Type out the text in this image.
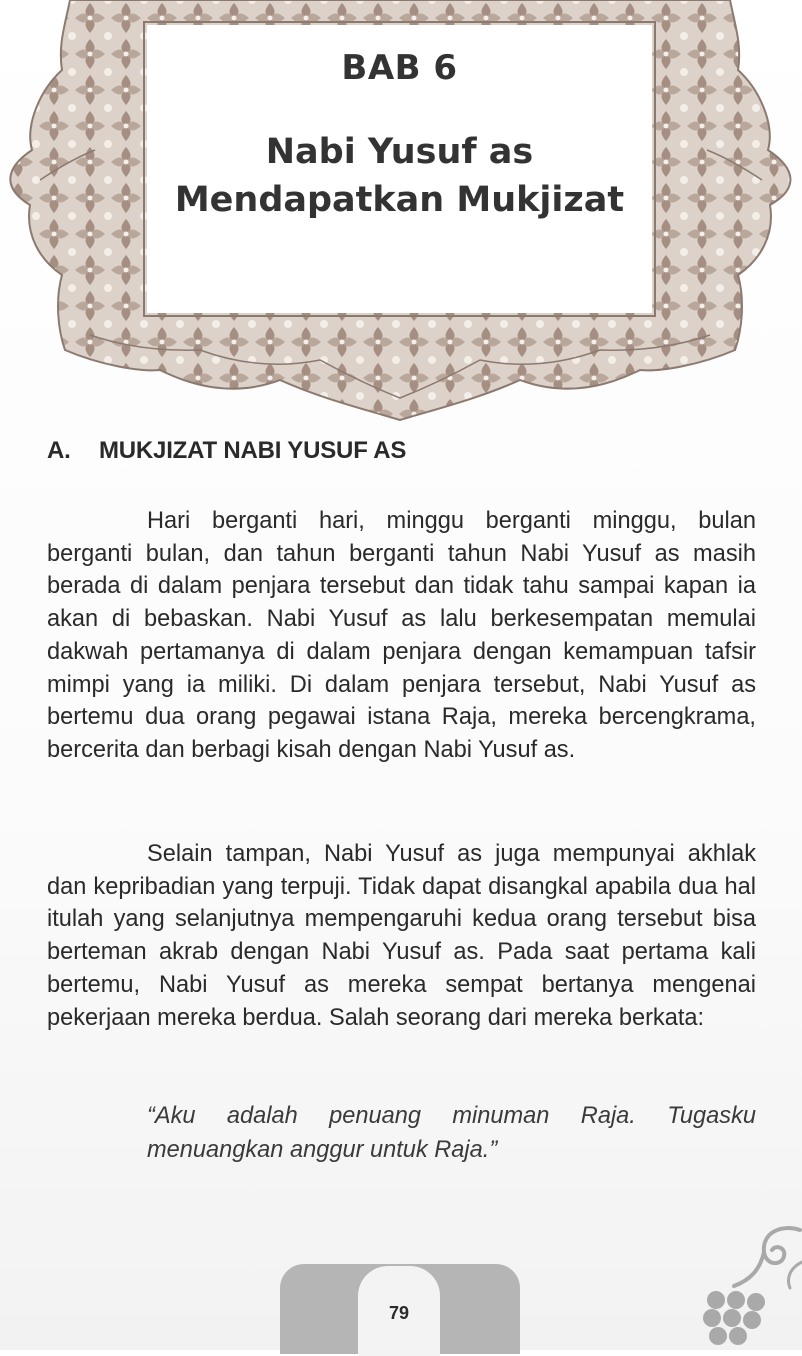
BAB 6
Nabi Yusuf as
Mendapatkan Mukjizat
A. MUKJIZAT NABI YUSUF AS

Hari berganti hari, minggu berganti minggu, bulan berganti bulan, dan tahun berganti tahun Nabi Yusuf as masih berada di dalam penjara tersebut dan tidak tahu sampai kapan ia akan di bebaskan. Nabi Yusuf as lalu berkesempatan memulai dakwah pertamanya di dalam penjara dengan kemampuan tafsir mimpi yang ia miliki. Di dalam penjara tersebut, Nabi Yusuf as bertemu dua orang pegawai istana Raja, mereka bercengkrama, bercerita dan berbagi kisah dengan Nabi Yusuf as.

Selain tampan, Nabi Yusuf as juga mempunyai akhlak dan kepribadian yang terpuji. Tidak dapat disangkal apabila dua hal itulah yang selanjutnya mempengaruhi kedua orang tersebut bisa berteman akrab dengan Nabi Yusuf as. Pada saat pertama kali bertemu, Nabi Yusuf as mereka sempat bertanya mengenai pekerjaan mereka berdua. Salah seorang dari mereka berkata:

“Aku adalah penuang minuman Raja. Tugasku menuangkan anggur untuk Raja.”

79
